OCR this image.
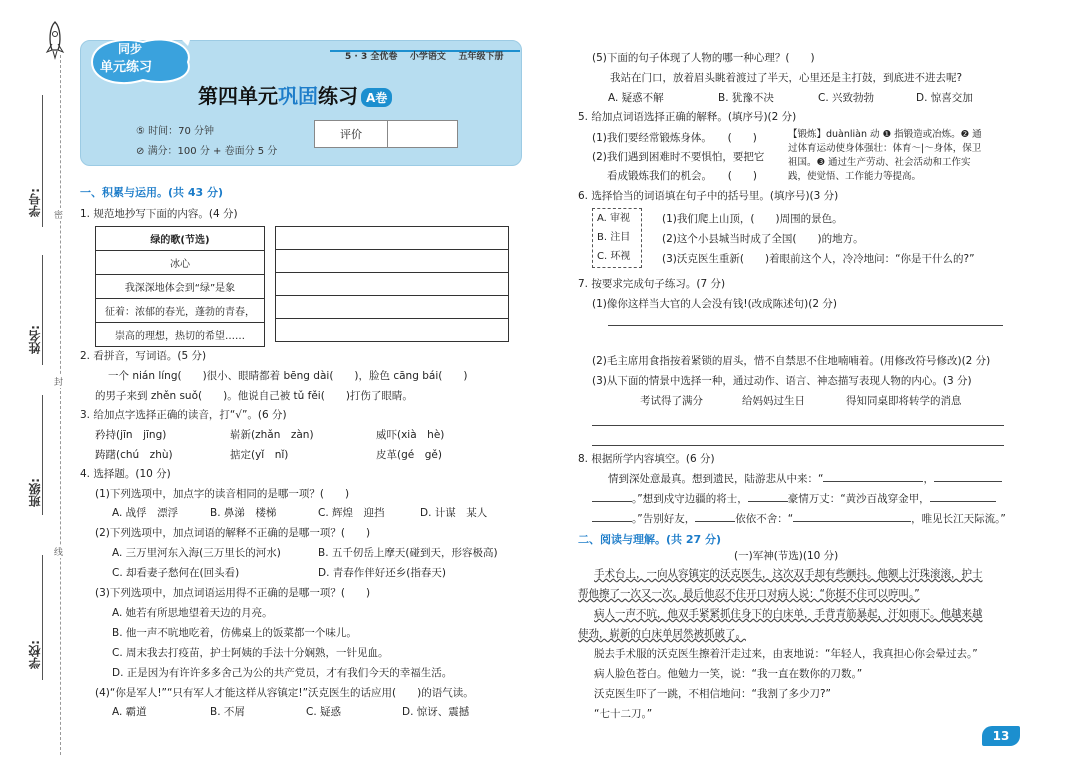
密
封
线
学号:
姓名:
班级:
学校:
同步
单元练习
5 · 3 全优卷 小学语文 五年级下册
第四单元巩固练习 A卷
⑤ 时间：70 分钟
⊘ 满分：100 分 + 卷面分 5 分
评价
一、积累与运用。(共 43 分)
1. 规范地抄写下面的内容。(4 分)
绿的歌(节选)
冰心
我深深地体会到“绿”是象
征着：浓郁的春光，蓬勃的青春，
崇高的理想，热切的希望……
2. 看拼音，写词语。(5 分)
一个 nián líng(　　)很小、眼睛都着 bēng dài(　　)，脸色 cāng bái(　　)
的男子来到 zhěn suǒ(　　)。他说自己被 tǔ fěi(　　)打伤了眼睛。
3. 给加点字选择正确的读音，打“√”。(6 分)
矜持(jīn　jīng)	崭新(zhǎn　zàn)	威吓(xià　hè)
踌躇(chú　zhù)	掂定(yǐ　nǐ)	皮革(gé　gě)
4. 选择题。(10 分)
(1)下列选项中，加点字的读音相同的是哪一项？(　　)
A. 战俘　漂浮	B. 鼻涕　楼梯	C. 辉煌　迎挡	D. 计谋　某人
(2)下列选项中，加点词语的解释不正确的是哪一项？(　　)
A. 三万里河东入海(三万里长的河水)	B. 五千仞岳上摩天(碰到天，形容极高)
C. 却看妻子愁何在(回头看)	D. 青春作伴好还乡(指春天)
(3)下列选项中，加点词语运用得不正确的是哪一项？(　　)
A. 她若有所思地望着天边的月亮。
B. 他一声不吭地吃着，仿佛桌上的饭菜都一个味儿。
C. 周末我去打疫苗，护士阿姨的手法十分娴熟，一针见血。
D. 正是因为有许许多多舍己为公的共产党员，才有我们今天的幸福生活。
(4)“你是军人!”“只有军人才能这样从容镇定!”沃克医生的话应用(　　)的语气读。
A. 霸道	B. 不屑	C. 疑惑	D. 惊讶、震撼
(5)下面的句子体现了人物的哪一种心理？(　　)
我站在门口，放着眉头眺着渡过了半天，心里还是主打鼓，到底进不进去呢?
A. 疑惑不解	B. 犹豫不决	C. 兴致勃勃	D. 惊喜交加
5. 给加点词语选择正确的解释。(填序号)(2 分)
(1)我们要经常锻炼身体。　　(　　)
(2)我们遇到困难时不要惧怕，要把它
看成锻炼我们的机会。　　(　　)
【锻炼】duànliàn 动 ❶ 指锻造或冶炼。❷ 通
过体育运动使身体强壮：体育～|～身体，保卫
祖国。❸ 通过生产劳动、社会活动和工作实
践，使觉悟、工作能力等提高。
6. 选择恰当的词语填在句子中的括号里。(填序号)(3 分)
A. 审视
B. 注目
C. 环视
(1)我们爬上山顶，(　　)周围的景色。
(2)这个小县城当时成了全国(　　)的地方。
(3)沃克医生重新(　　)着眼前这个人，冷冷地问：“你是干什么的?”
7. 按要求完成句子练习。(7 分)
(1)像你这样当大官的人会没有钱!(改成陈述句)(2 分)
(2)毛主席用食指按着紧锁的眉头，惜不自禁思不住地喃喃着。(用修改符号修改)(2 分)
(3)从下面的情景中选择一种，通过动作、语言、神态描写表现人物的内心。(3 分)
考试得了满分	给妈妈过生日	得知同桌即将转学的消息
8. 根据所学内容填空。(6 分)
情到深处意最真。想到遗民，陆游悲从中来：“	，
。”想到戍守边疆的将士，	豪情万丈：“黄沙百战穿金甲，
。”告别好友，	依依不舍：“	，唯见长江天际流。”
二、阅读与理解。(共 27 分)
(一)军神(节选)(10 分)
手术台上，一向从容镇定的沃克医生，这次双手却有些颤抖。他额上汗珠滚滚，护士
帮他擦了一次又一次。最后他忍不住开口对病人说：“你挺不住可以哼叫。”
病人一声不吭，他双手紧紧抓住身下的白床单，手背青筋暴起，汗如雨下。他越来越
使劲，崭新的白床单居然被抓破了。
脱去手术服的沃克医生擦着汗走过来，由衷地说：“年轻人，我真担心你会晕过去。”
病人脸色苍白。他勉力一笑，说：“我一直在数你的刀数。”
沃克医生吓了一跳，不相信地问：“我割了多少刀?”
“七十二刀。”
13
